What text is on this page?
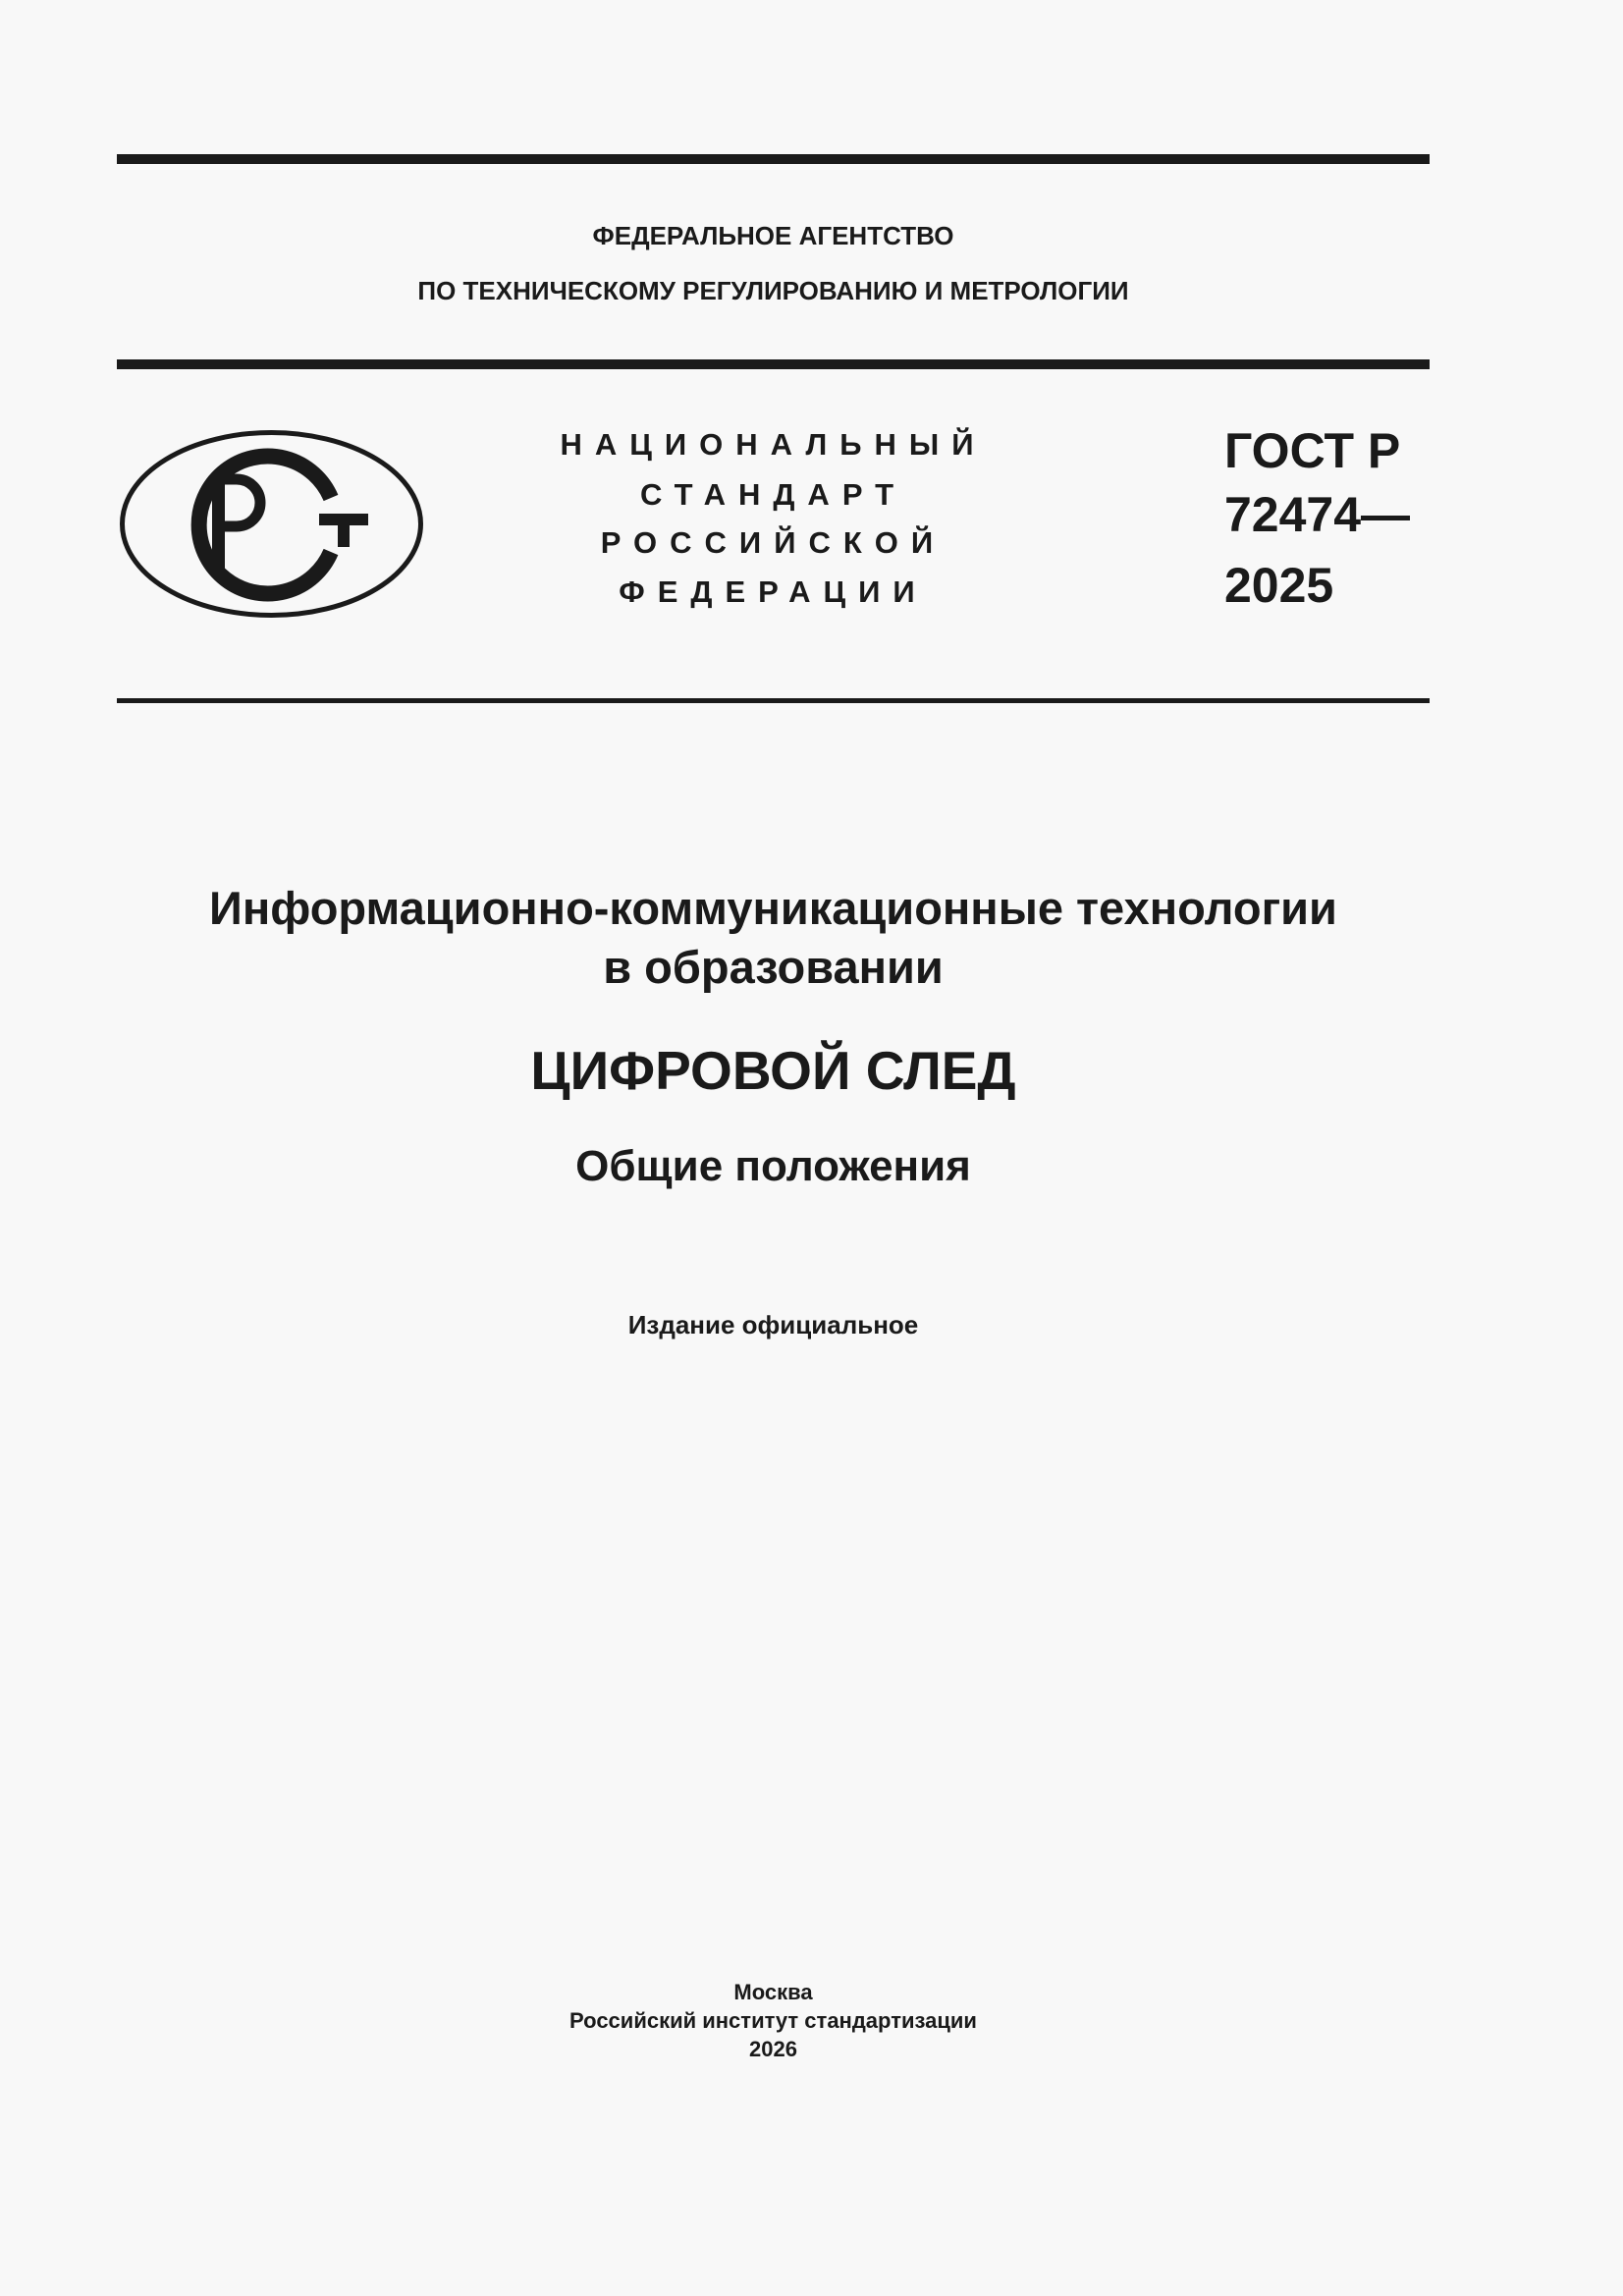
ФЕДЕРАЛЬНОЕ АГЕНТСТВО
ПО ТЕХНИЧЕСКОМУ РЕГУЛИРОВАНИЮ И МЕТРОЛОГИИ
НАЦИОНАЛЬНЫЙ
СТАНДАРТ
РОССИЙСКОЙ
ФЕДЕРАЦИИ
ГОСТ Р
72474—
2025
Информационно-коммуникационные технологии
в образовании
ЦИФРОВОЙ СЛЕД
Общие положения
Издание официальное
Москва
Российский институт стандартизации
2026
